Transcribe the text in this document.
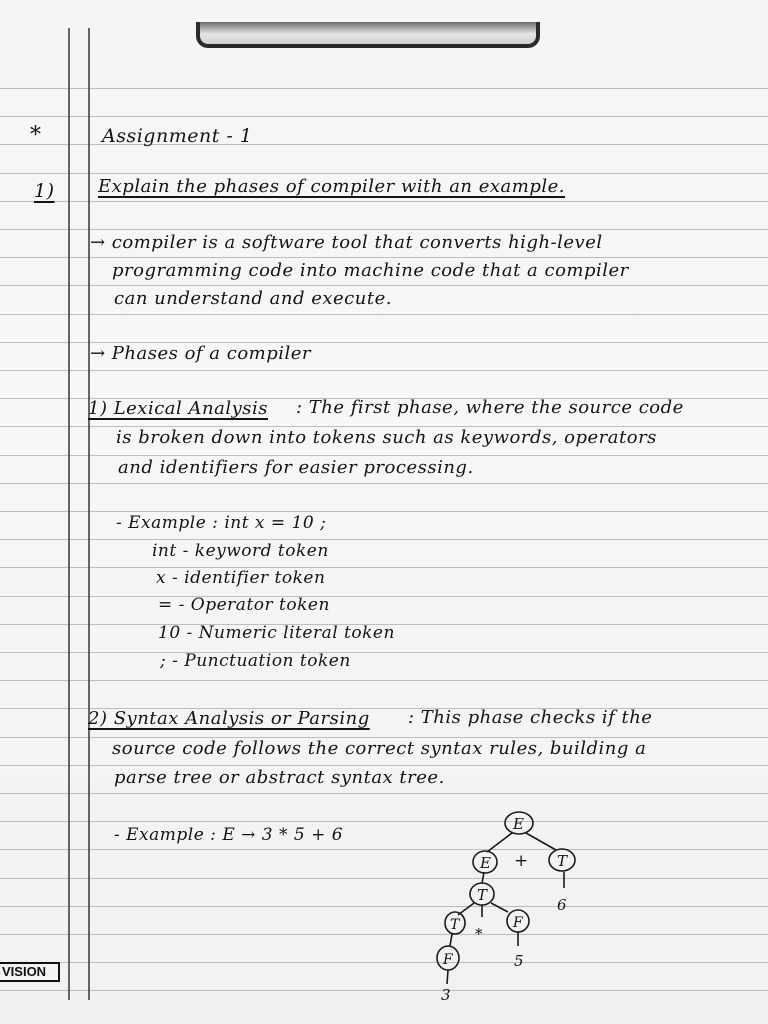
*	Assignment - 1
1) Explain the phases of compiler with an example.
→ compiler is a software tool that converts high-level
programming code into machine code that a compiler
can understand and execute.
→ Phases of a compiler
1) Lexical Analysis : The first phase, where the source code
is broken down into tokens such as keywords, operators
and identifiers for easier processing.
- Example : int x = 10 ;
int - keyword token
x - identifier token
= - Operator token
10 - Numeric literal token
; - Punctuation token
2) Syntax Analysis or Parsing : This phase checks if the
source code follows the correct syntax rules, building a
parse tree or abstract syntax tree.
- Example : E → 3 * 5 + 6
E
E + T
6
T
T *
F
5
F
3
VISION
